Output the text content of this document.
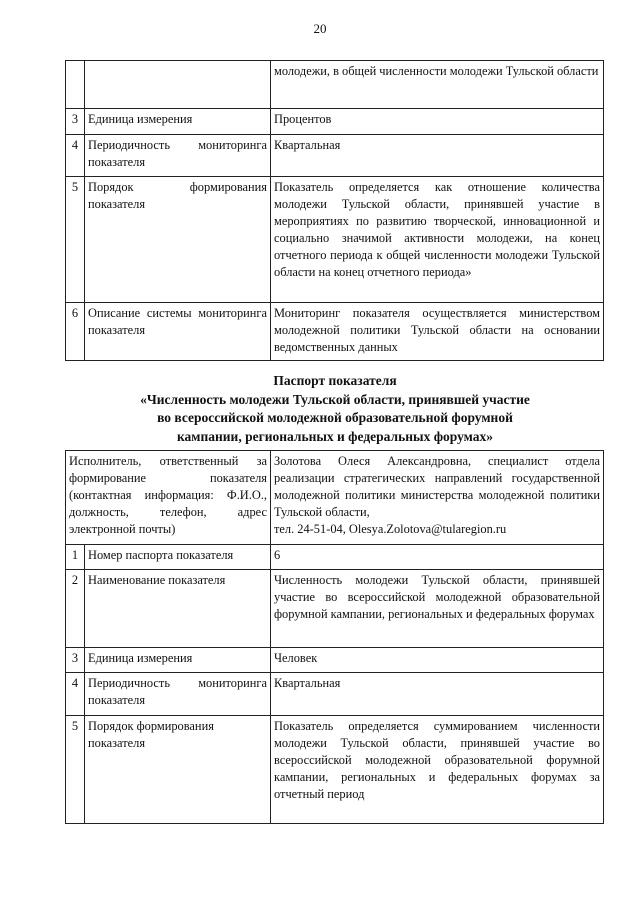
20
		молодежи, в общей численности молодежи Тульской области
3	Единица измерения	Процентов
4	Периодичность мониторинга показателя	Квартальная
5	Порядок формирования показателя	Показатель определяется как отношение количества молодежи Тульской области, принявшей участие в мероприятиях по развитию творческой, инновационной и социально значимой активности молодежи, на конец отчетного периода к общей численности молодежи Тульской области на конец отчетного периода»
6	Описание системы мониторинга показателя	Мониторинг показателя осуществляется министерством молодежной политики Тульской области на основании ведомственных данных
Паспорт показателя
«Численность молодежи Тульской области, принявшей участие
во всероссийской молодежной образовательной форумной
кампании, региональных и федеральных форумах»
Исполнитель, ответственный за формирование показателя (контактная информация: Ф.И.О., должность, телефон, адрес электронной почты)		Золотова Олеся Александровна, специалист отдела реализации стратегических направлений государственной молодежной политики министерства молодежной политики Тульской области,
тел. 24-51-04, Olesya.Zolotova@tularegion.ru

1	Номер паспорта показателя	6
2	Наименование показателя	Численность молодежи Тульской области, принявшей участие во всероссийской молодежной образовательной форумной кампании, региональных и федеральных форумах
3	Единица измерения	Человек
4	Периодичность мониторинга показателя	Квартальная
5	Порядок формирования показателя	Показатель определяется суммированием численности молодежи Тульской области, принявшей участие во всероссийской молодежной образовательной форумной кампании, региональных и федеральных форумах за отчетный период
